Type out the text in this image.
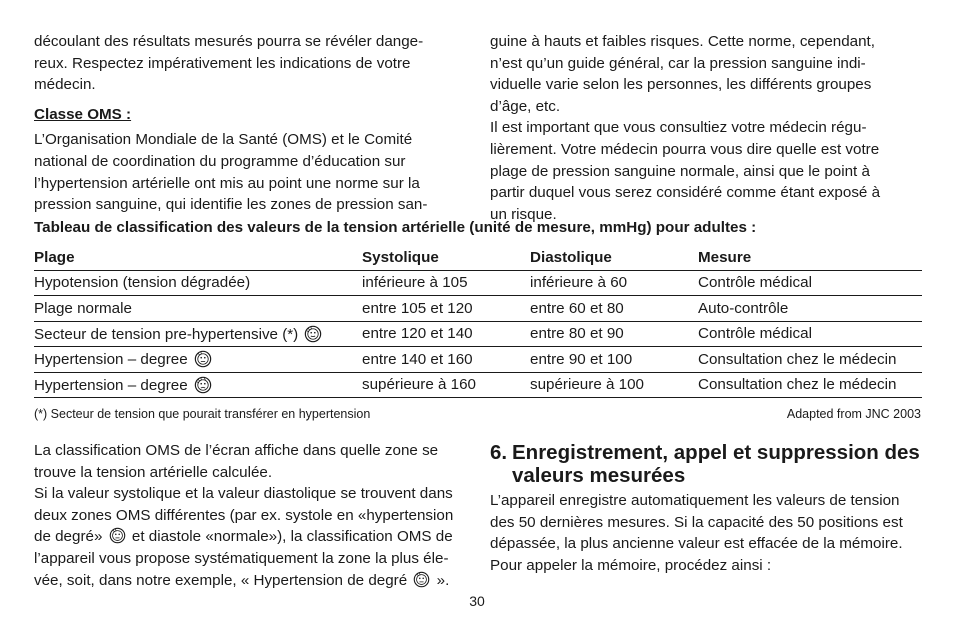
découlant des résultats mesurés pourra se révéler dange-

reux. Respectez impérativement les indications de votre

médecin.

Classe OMS :

L’Organisation Mondiale de la Santé (OMS) et le Comité

national de coordination du programme d’éducation sur

l’hypertension artérielle ont mis au point une norme sur la

pression sanguine, qui identifie les zones de pression san-

guine à hauts et faibles risques. Cette norme, cependant,

n’est qu’un guide général, car la pression sanguine indi-

viduelle varie selon les personnes, les différents groupes

d’âge, etc.

Il est important que vous consultiez votre médecin régu-

lièrement. Votre médecin pourra vous dire quelle est votre

plage de pression sanguine normale, ainsi que le point à

partir duquel vous serez considéré comme étant exposé à

un risque.

Tableau de classification des valeurs de la tension artérielle (unité de mesure, mmHg) pour adultes :
Plage	Systolique	Diastolique	Mesure
Hypotension (tension dégradée)	inférieure à 105	inférieure à 60	Contrôle médical
Plage normale	entre 105 et 120	entre 60 et 80	Auto-contrôle
Secteur de tension pre-hypertensive (*)	entre 120 et 140	entre 80 et 90	Contrôle médical
Hypertension – degree	entre 140 et 160	entre 90 et 100	Consultation chez le médecin
Hypertension – degree	supérieure à 160	supérieure à 100	Consultation chez le médecin
(*) Secteur de tension que pourait transférer en hypertension	Adapted from JNC 2003

La classification OMS de l’écran affiche dans quelle zone se

trouve la tension artérielle calculée.

Si la valeur systolique et la valeur diastolique se trouvent dans

deux zones OMS différentes (par ex. systole en «hypertension

de degré» et diastole «normale»), la classification OMS de

l’appareil vous propose systématiquement la zone la plus éle-

vée, soit, dans notre exemple, « Hypertension de degré ».

6. Enregistrement, appel et suppression des
valeurs mesurées

L’appareil enregistre automatiquement les valeurs de tension

des 50 dernières mesures. Si la capacité des 50 positions est

dépassée, la plus ancienne valeur est effacée de la mémoire.

Pour appeler la mémoire, procédez ainsi :

30
